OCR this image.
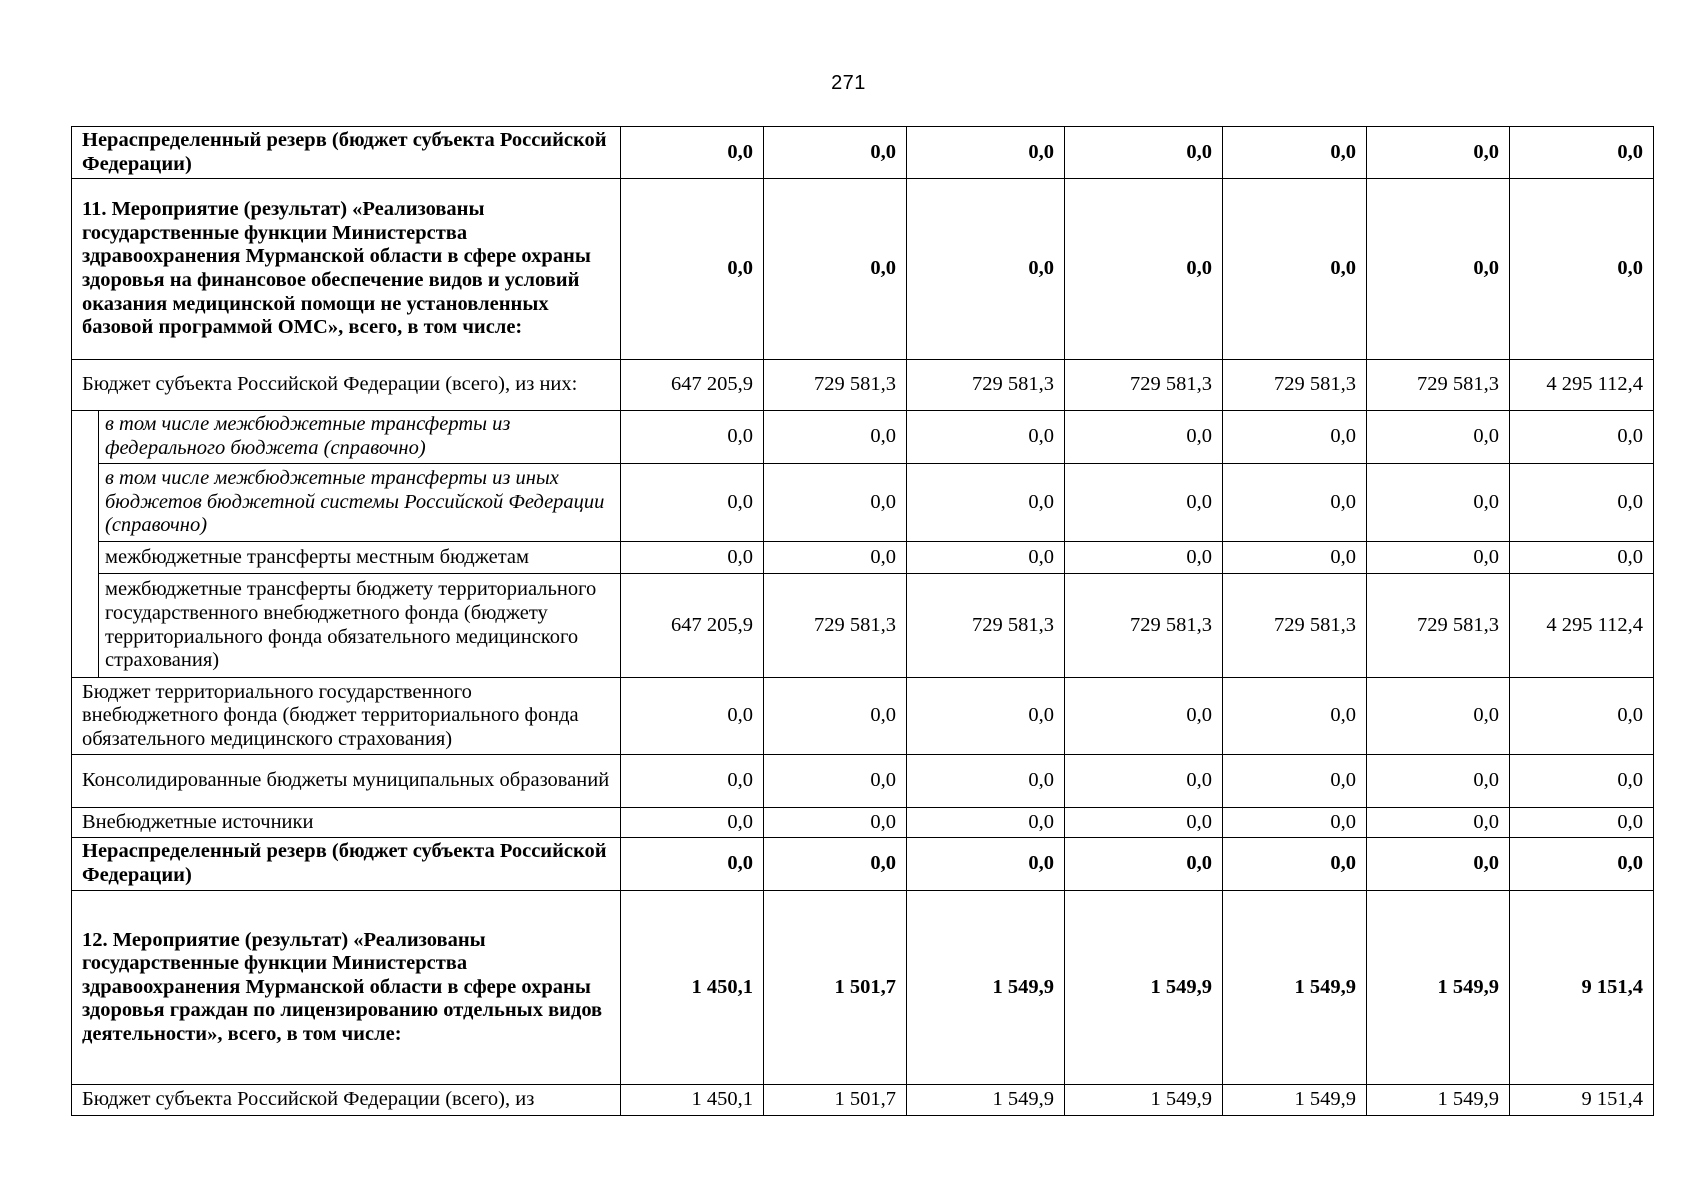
271
Нераспределенный резерв (бюджет субъекта Российской Федерации)		0,0	0,0	0,0	0,0	0,0	0,0	0,0
11. Мероприятие (результат) «Реализованы государственные функции Министерства здравоохранения Мурманской области в сфере охраны здоровья на финансовое обеспечение видов и условий оказания медицинской помощи не установленных базовой программой ОМС», всего, в том числе:		0,0	0,0	0,0	0,0	0,0	0,0	0,0
Бюджет субъекта Российской Федерации (всего), из них:		647 205,9	729 581,3	729 581,3	729 581,3	729 581,3	729 581,3	4 295 112,4
	в том числе межбюджетные трансферты из федерального бюджета (справочно)	0,0	0,0	0,0	0,0	0,0	0,0	0,0
	в том числе межбюджетные трансферты из иных бюджетов бюджетной системы Российской Федерации (справочно)	0,0	0,0	0,0	0,0	0,0	0,0	0,0
	межбюджетные трансферты местным бюджетам	0,0	0,0	0,0	0,0	0,0	0,0	0,0
	межбюджетные трансферты бюджету территориального государственного внебюджетного фонда (бюджету территориального фонда обязательного медицинского страхования)	647 205,9	729 581,3	729 581,3	729 581,3	729 581,3	729 581,3	4 295 112,4
Бюджет территориального государственного внебюджетного фонда (бюджет территориального фонда обязательного медицинского страхования)		0,0	0,0	0,0	0,0	0,0	0,0	0,0
Консолидированные бюджеты муниципальных образований		0,0	0,0	0,0	0,0	0,0	0,0	0,0
Внебюджетные источники		0,0	0,0	0,0	0,0	0,0	0,0	0,0
Нераспределенный резерв (бюджет субъекта Российской Федерации)		0,0	0,0	0,0	0,0	0,0	0,0	0,0
12. Мероприятие (результат) «Реализованы государственные функции Министерства здравоохранения Мурманской области в сфере охраны здоровья граждан по лицензированию отдельных видов деятельности», всего, в том числе:		1 450,1	1 501,7	1 549,9	1 549,9	1 549,9	1 549,9	9 151,4
Бюджет субъекта Российской Федерации (всего), из		1 450,1	1 501,7	1 549,9	1 549,9	1 549,9	1 549,9	9 151,4
